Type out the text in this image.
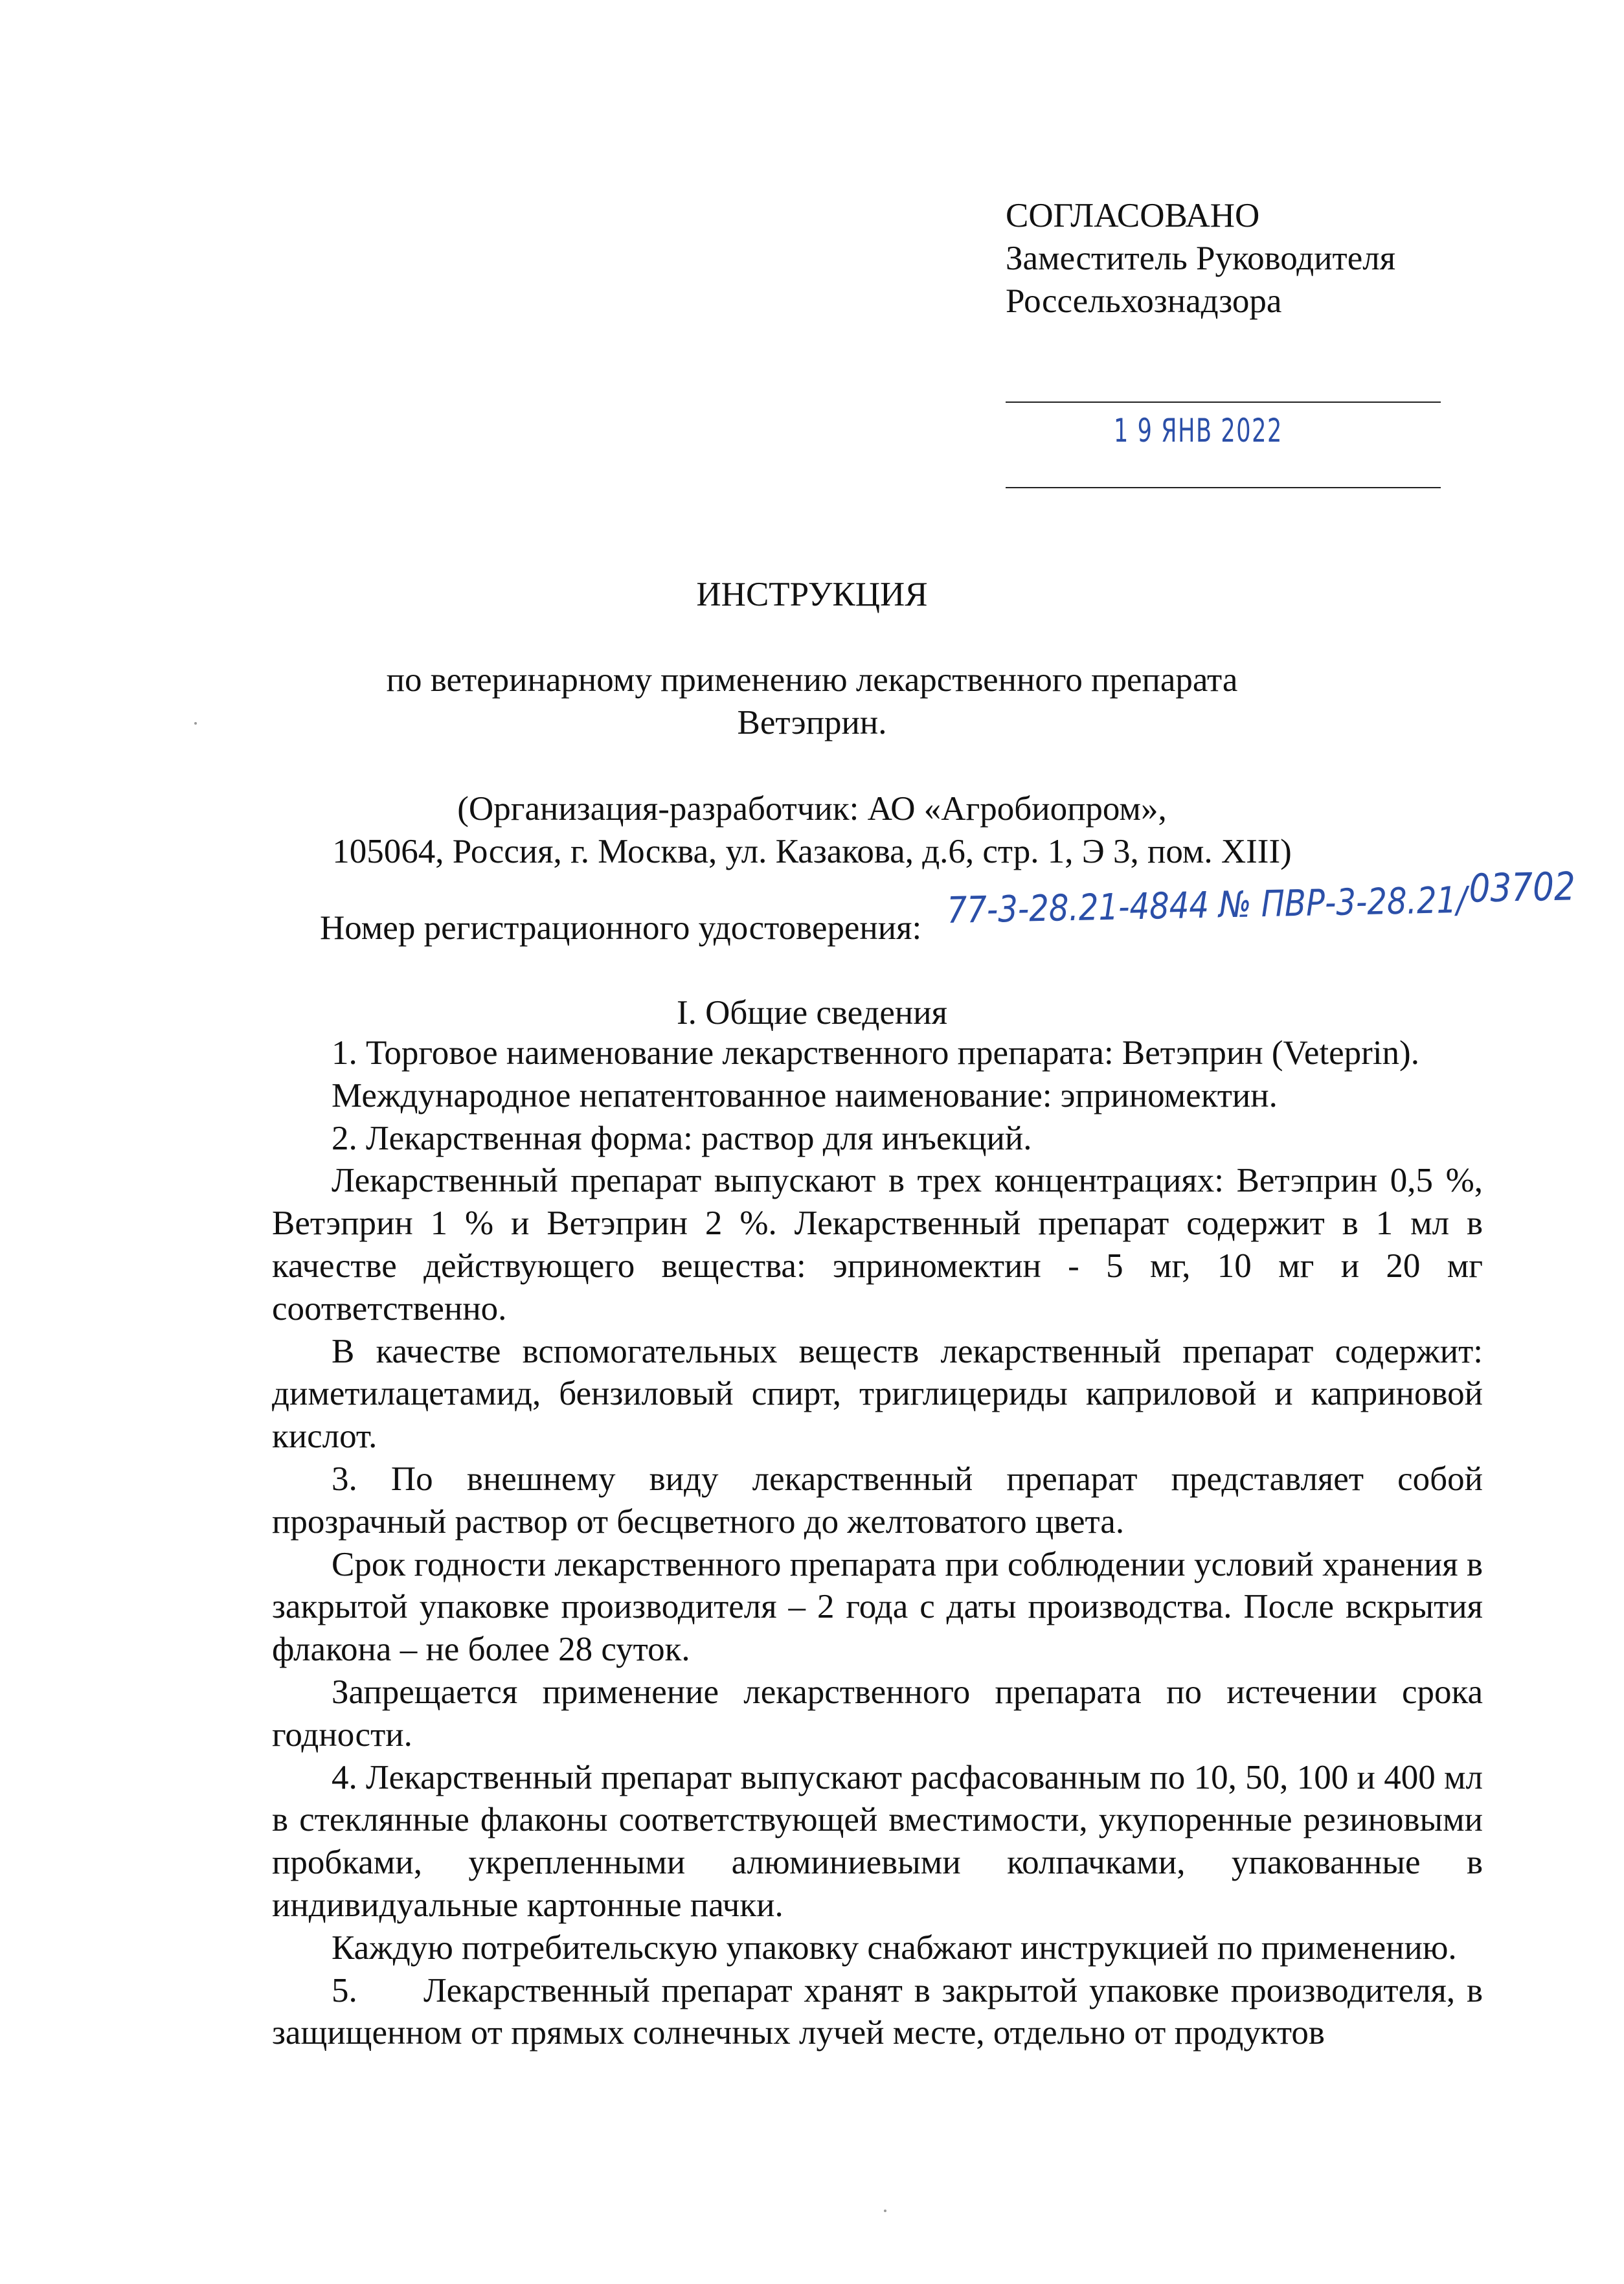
СОГЛАСОВАНО
Заместитель Руководителя
Россельхознадзора
1 9 ЯНВ 2022
ИНСТРУКЦИЯ
по ветеринарному применению лекарственного препарата
Ветэприн.
(Организация-разработчик: АО «Агробиопром»,
105064, Россия, г. Москва, ул. Казакова, д.6, стр. 1, Э 3, пом. XIII)
Номер регистрационного удостоверения: 77-3-28.21-4844 № ПВР-3-28.21/03702
I. Общие сведения

1. Торговое наименование лекарственного препарата: Ветэприн (Veteprin).

Международное непатентованное наименование: эприномектин.

2. Лекарственная форма: раствор для инъекций.

Лекарственный препарат выпускают в трех концентрациях: Ветэприн 0,5 %, Ветэприн 1 % и Ветэприн 2 %. Лекарственный препарат содержит в 1 мл в качестве действующего вещества: эприномектин - 5 мг, 10 мг и 20 мг соответственно.

В качестве вспомогательных веществ лекарственный препарат содержит: диметилацетамид, бензиловый спирт, триглицериды каприловой и каприновой кислот.

3. По внешнему виду лекарственный препарат представляет собой прозрачный раствор от бесцветного до желтоватого цвета.

Срок годности лекарственного препарата при соблюдении условий хранения в закрытой упаковке производителя – 2 года с даты производства. После вскрытия флакона – не более 28 суток.

Запрещается применение лекарственного препарата по истечении срока годности.

4. Лекарственный препарат выпускают расфасованным по 10, 50, 100 и 400 мл в стеклянные флаконы соответствующей вместимости, укупоренные резиновыми пробками, укрепленными алюминиевыми колпачками, упакованные в индивидуальные картонные пачки.

Каждую потребительскую упаковку снабжают инструкцией по применению.

5. Лекарственный препарат хранят в закрытой упаковке производителя, в защищенном от прямых солнечных лучей месте, отдельно от продуктов
